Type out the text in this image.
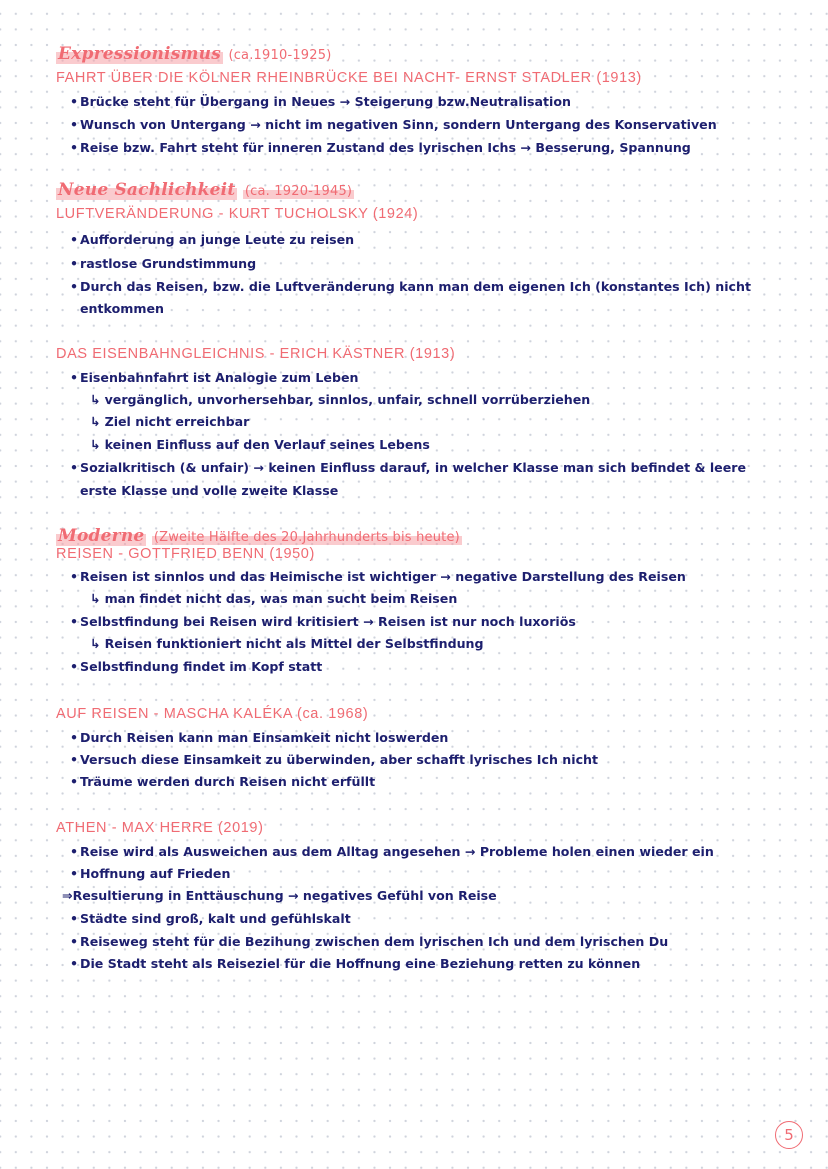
Expressionismus (ca.1910-1925)
FAHRT ÜBER DIE KÖLNER RHEINBRÜCKE BEI NACHT- ERNST STADLER (1913)
• Brücke steht für Übergang in Neues → Steigerung bzw.Neutralisation
• Wunsch von Untergang → nicht im negativen Sinn, sondern Untergang des Konservativen
• Reise bzw. Fahrt steht für inneren Zustand des lyrischen Ichs → Besserung, Spannung
Neue Sachlichkeit (ca. 1920-1945)
LUFTVERÄNDERUNG - KURT TUCHOLSKY (1924)
• Aufforderung an junge Leute zu reisen
• rastlose Grundstimmung
• Durch das Reisen, bzw. die Luftveränderung kann man dem eigenen Ich (konstantes Ich) nicht
entkommen
DAS EISENBAHNGLEICHNIS - ERICH KÄSTNER (1913)
• Eisenbahnfahrt ist Analogie zum Leben
↳ vergänglich, unvorhersehbar, sinnlos, unfair, schnell vorrüberziehen
↳ Ziel nicht erreichbar
↳ keinen Einfluss auf den Verlauf seines Lebens
• Sozialkritisch (& unfair) → keinen Einfluss darauf, in welcher Klasse man sich befindet & leere
erste Klasse und volle zweite Klasse
Moderne (Zweite Hälfte des 20.Jahrhunderts bis heute)
REISEN - GOTTFRIED BENN (1950)
• Reisen ist sinnlos und das Heimische ist wichtiger → negative Darstellung des Reisen
↳ man findet nicht das, was man sucht beim Reisen
• Selbstfindung bei Reisen wird kritisiert → Reisen ist nur noch luxoriös
↳ Reisen funktioniert nicht als Mittel der Selbstfindung
• Selbstfindung findet im Kopf statt
AUF REISEN - MASCHA KALÉKA (ca. 1968)
• Durch Reisen kann man Einsamkeit nicht loswerden
• Versuch diese Einsamkeit zu überwinden, aber schafft lyrisches Ich nicht
• Träume werden durch Reisen nicht erfüllt
ATHEN - MAX HERRE (2019)
• Reise wird als Ausweichen aus dem Alltag angesehen → Probleme holen einen wieder ein
• Hoffnung auf Frieden
⇒Resultierung in Enttäuschung → negatives Gefühl von Reise
• Städte sind groß, kalt und gefühlskalt
• Reiseweg steht für die Bezihung zwischen dem lyrischen Ich und dem lyrischen Du
• Die Stadt steht als Reiseziel für die Hoffnung eine Beziehung retten zu können
5
